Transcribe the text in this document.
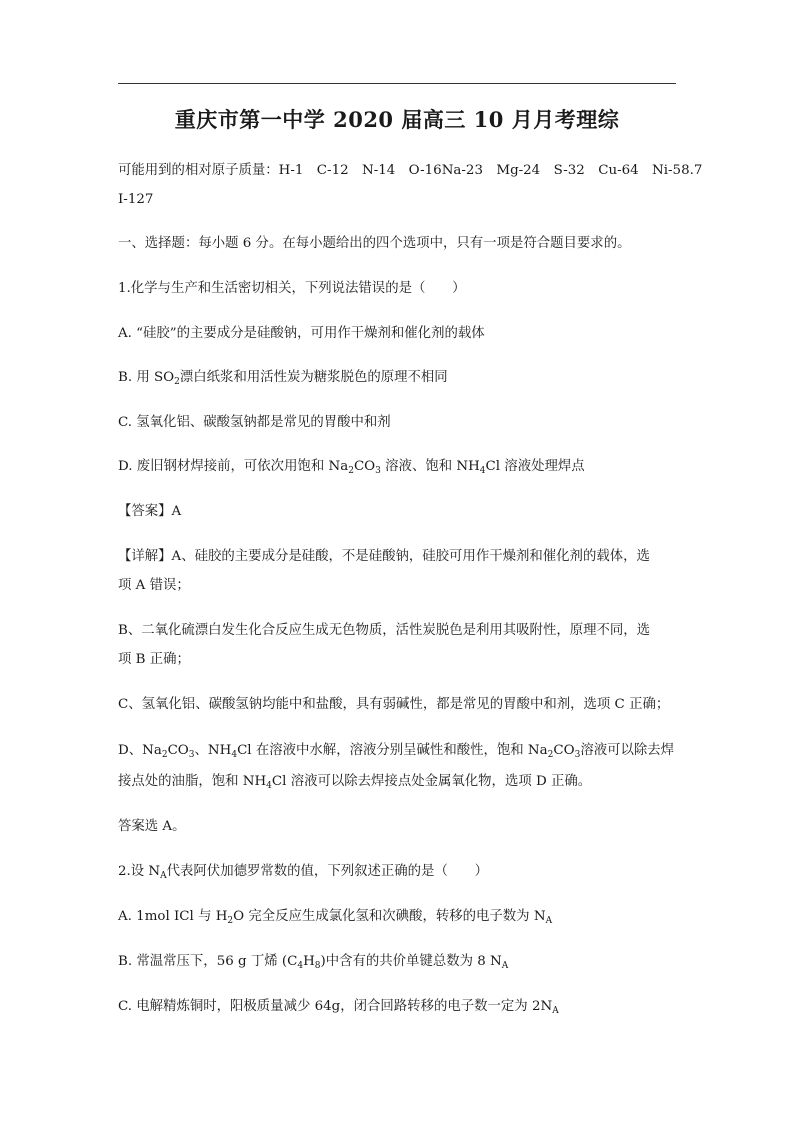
重庆市第一中学 2020 届高三 10 月月考理综
可能用到的相对原子质量：H-1　C-12　N-14　O-16Na-23　Mg-24　S-32　Cu-64　Ni-58.7
I-127
一、选择题：每小题 6 分。在每小题给出的四个选项中，只有一项是符合题目要求的。
1.化学与生产和生活密切相关，下列说法错误的是（　　）
A. “硅胶”的主要成分是硅酸钠，可用作干燥剂和催化剂的载体
B. 用 $SO_2$漂白纸浆和用活性炭为糖浆脱色的原理不相同
C. 氢氧化铝、碳酸氢钠都是常见的胃酸中和剂
D. 废旧钢材焊接前，可依次用饱和 $Na_2CO_3$ 溶液、饱和 $NH_4Cl$ 溶液处理焊点
【答案】A
【详解】A、硅胶的主要成分是硅酸，不是硅酸钠，硅胶可用作干燥剂和催化剂的载体，选
项 A 错误；
B、二氧化硫漂白发生化合反应生成无色物质，活性炭脱色是利用其吸附性，原理不同，选
项 B 正确；
C、氢氧化铝、碳酸氢钠均能中和盐酸，具有弱碱性，都是常见的胃酸中和剂，选项 C 正确；
D、$Na_2CO_3$、$NH_4Cl$ 在溶液中水解，溶液分别呈碱性和酸性，饱和 $Na_2CO_3$溶液可以除去焊
接点处的油脂，饱和 $NH_4Cl$ 溶液可以除去焊接点处金属氧化物，选项 D 正确。
答案选 A。
2.设 $N_A$代表阿伏加德罗常数的值，下列叙述正确的是（　　）
A. 1mol ICl 与 $H_2O$ 完全反应生成氯化氢和次碘酸，转移的电子数为 $N_A$
B. 常温常压下，56 g 丁烯 $(C_4H_8)$中含有的共价单键总数为 8 $N_A$
C. 电解精炼铜时，阳极质量减少 64g，闭合回路转移的电子数一定为 $2N_A$
